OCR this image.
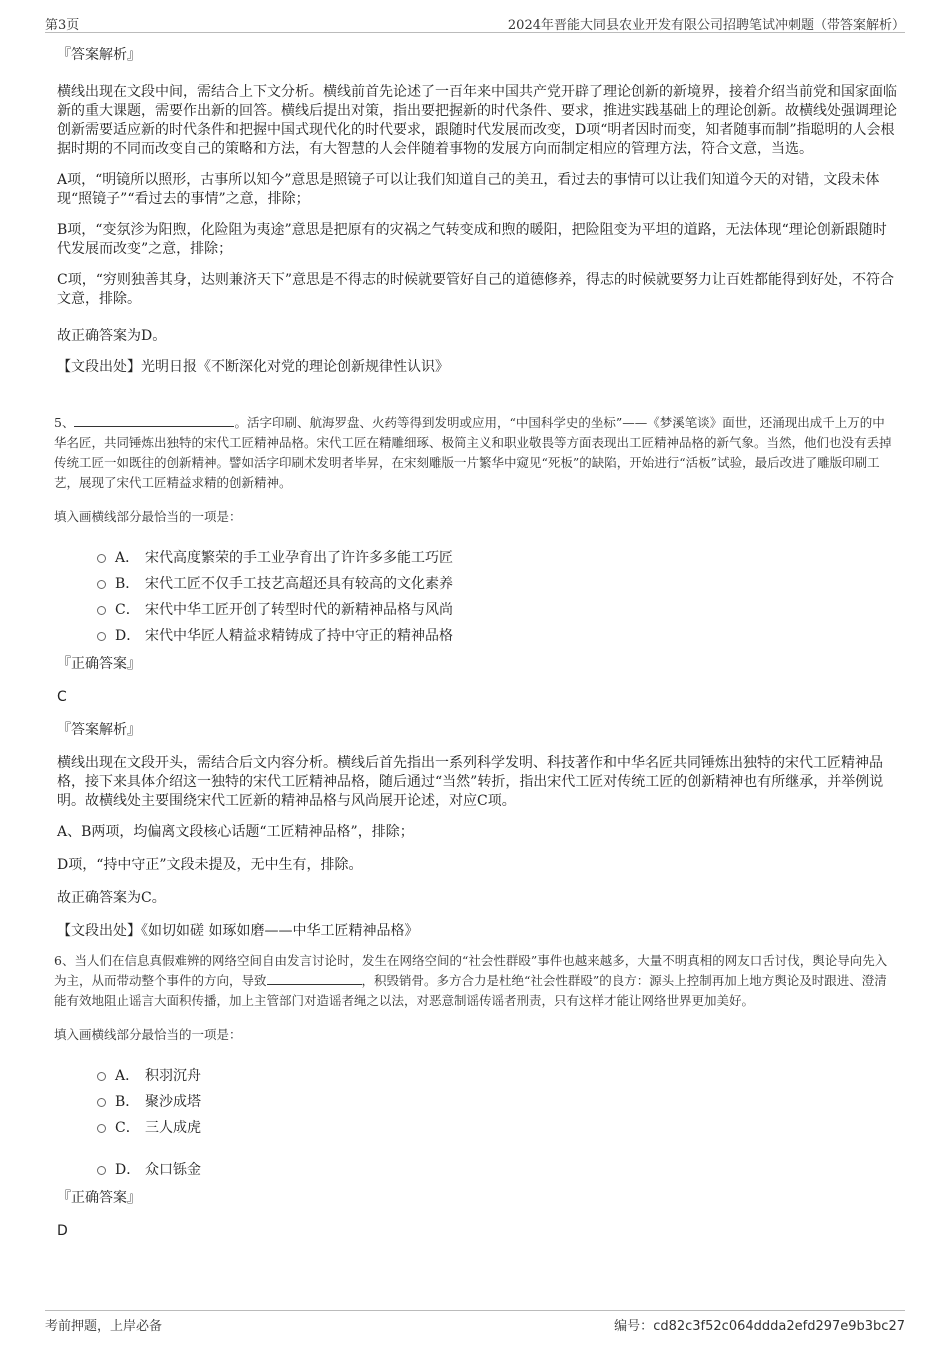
第3页	2024年晋能大同县农业开发有限公司招聘笔试冲刺题（带答案解析）

『答案解析』

横线出现在文段中间，需结合上下文分析。横线前首先论述了一百年来中国共产党开辟了理论创新的新境界，接着介绍当前党和国家面临新的重大课题，需要作出新的回答。横线后提出对策，指出要把握新的时代条件、要求，推进实践基础上的理论创新。故横线处强调理论创新需要适应新的时代条件和把握中国式现代化的时代要求，跟随时代发展而改变，D项“明者因时而变，知者随事而制”指聪明的人会根据时期的不同而改变自己的策略和方法，有大智慧的人会伴随着事物的发展方向而制定相应的管理方法，符合文意，当选。

A项，“明镜所以照形，古事所以知今”意思是照镜子可以让我们知道自己的美丑，看过去的事情可以让我们知道今天的对错，文段未体现“照镜子”“看过去的事情”之意，排除；

B项，“变氛沴为阳煦，化险阻为夷途”意思是把原有的灾祸之气转变成和煦的暖阳，把险阻变为平坦的道路，无法体现“理论创新跟随时代发展而改变”之意，排除；

C项，“穷则独善其身，达则兼济天下”意思是不得志的时候就要管好自己的道德修养，得志的时候就要努力让百姓都能得到好处，不符合文意，排除。

故正确答案为D。

【文段出处】光明日报《不断深化对党的理论创新规律性认识》

5、	。活字印刷、航海罗盘、火药等得到发明或应用，“中国科学史的坐标”——《梦溪笔谈》面世，还涌现出成千上万的中华名匠，共同锤炼出独特的宋代工匠精神品格。宋代工匠在精雕细琢、极简主义和职业敬畏等方面表现出工匠精神品格的新气象。当然，他们也没有丢掉传统工匠一如既往的创新精神。譬如活字印刷术发明者毕昇，在宋刻雕版一片繁华中窥见“死板”的缺陷，开始进行“活板”试验，最后改进了雕版印刷工艺，展现了宋代工匠精益求精的创新精神。

填入画横线部分最恰当的一项是：

A． 宋代高度繁荣的手工业孕育出了许许多多能工巧匠
B． 宋代工匠不仅手工技艺高超还具有较高的文化素养
C． 宋代中华工匠开创了转型时代的新精神品格与风尚
D． 宋代中华匠人精益求精铸成了持中守正的精神品格

『正确答案』

C

『答案解析』

横线出现在文段开头，需结合后文内容分析。横线后首先指出一系列科学发明、科技著作和中华名匠共同锤炼出独特的宋代工匠精神品格，接下来具体介绍这一独特的宋代工匠精神品格，随后通过“当然”转折，指出宋代工匠对传统工匠的创新精神也有所继承，并举例说明。故横线处主要围绕宋代工匠新的精神品格与风尚展开论述，对应C项。

A、B两项，均偏离文段核心话题“工匠精神品格”，排除；

D项，“持中守正”文段未提及，无中生有，排除。

故正确答案为C。

【文段出处】《如切如磋 如琢如磨——中华工匠精神品格》

6、当人们在信息真假难辨的网络空间自由发言讨论时，发生在网络空间的“社会性群殴”事件也越来越多，大量不明真相的网友口舌讨伐，舆论导向先入为主，从而带动整个事件的方向，导致	，积毁销骨。多方合力是杜绝“社会性群殴”的良方：源头上控制再加上地方舆论及时跟进、澄清能有效地阻止谣言大面积传播，加上主管部门对造谣者绳之以法，对恶意制谣传谣者刑责，只有这样才能让网络世界更加美好。

填入画横线部分最恰当的一项是：

A． 积羽沉舟
B． 聚沙成塔
C． 三人成虎
D． 众口铄金

『正确答案』

D

考前押题，上岸必备	编号：cd82c3f52c064ddda2efd297e9b3bc27
